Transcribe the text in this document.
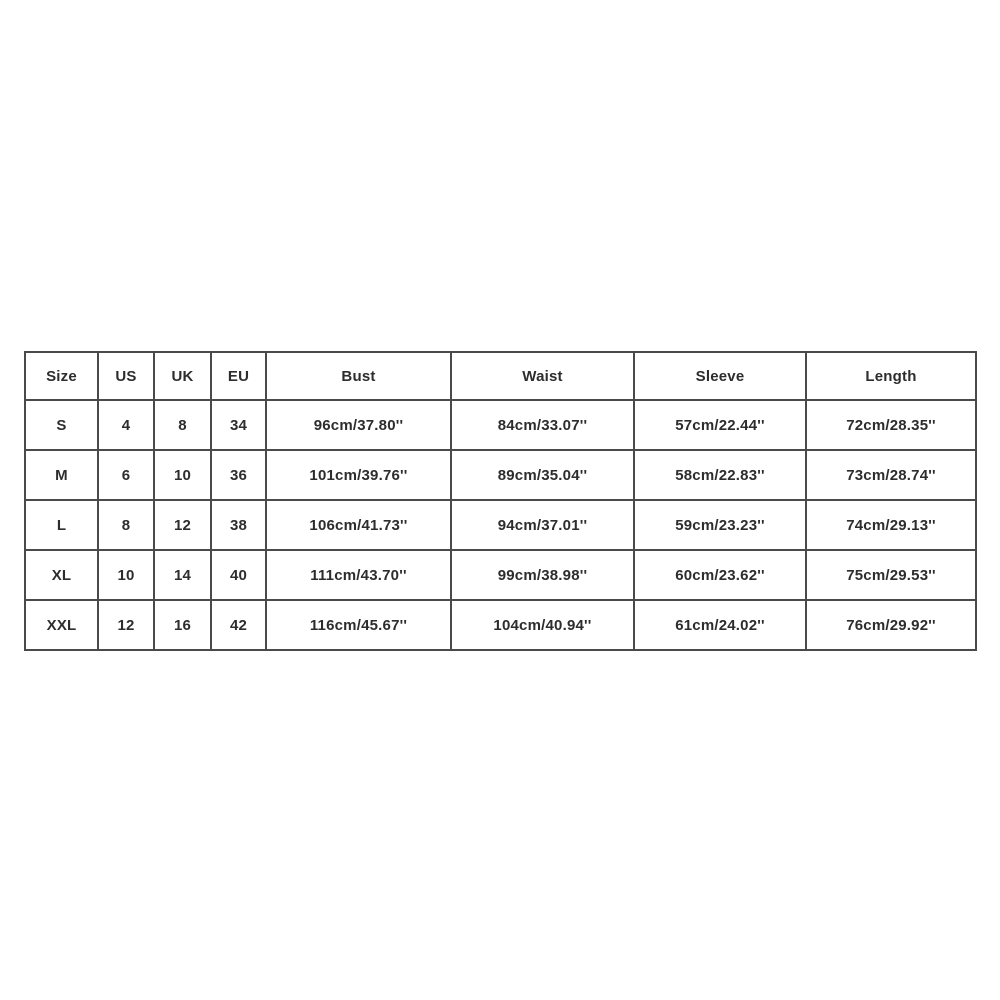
Size	US	UK	EU	Bust	Waist	Sleeve	Length
S	4	8	34	96cm/37.80''	84cm/33.07''	57cm/22.44''	72cm/28.35''
M	6	10	36	101cm/39.76''	89cm/35.04''	58cm/22.83''	73cm/28.74''
L	8	12	38	106cm/41.73''	94cm/37.01''	59cm/23.23''	74cm/29.13''
XL	10	14	40	111cm/43.70''	99cm/38.98''	60cm/23.62''	75cm/29.53''
XXL	12	16	42	116cm/45.67''	104cm/40.94''	61cm/24.02''	76cm/29.92''
